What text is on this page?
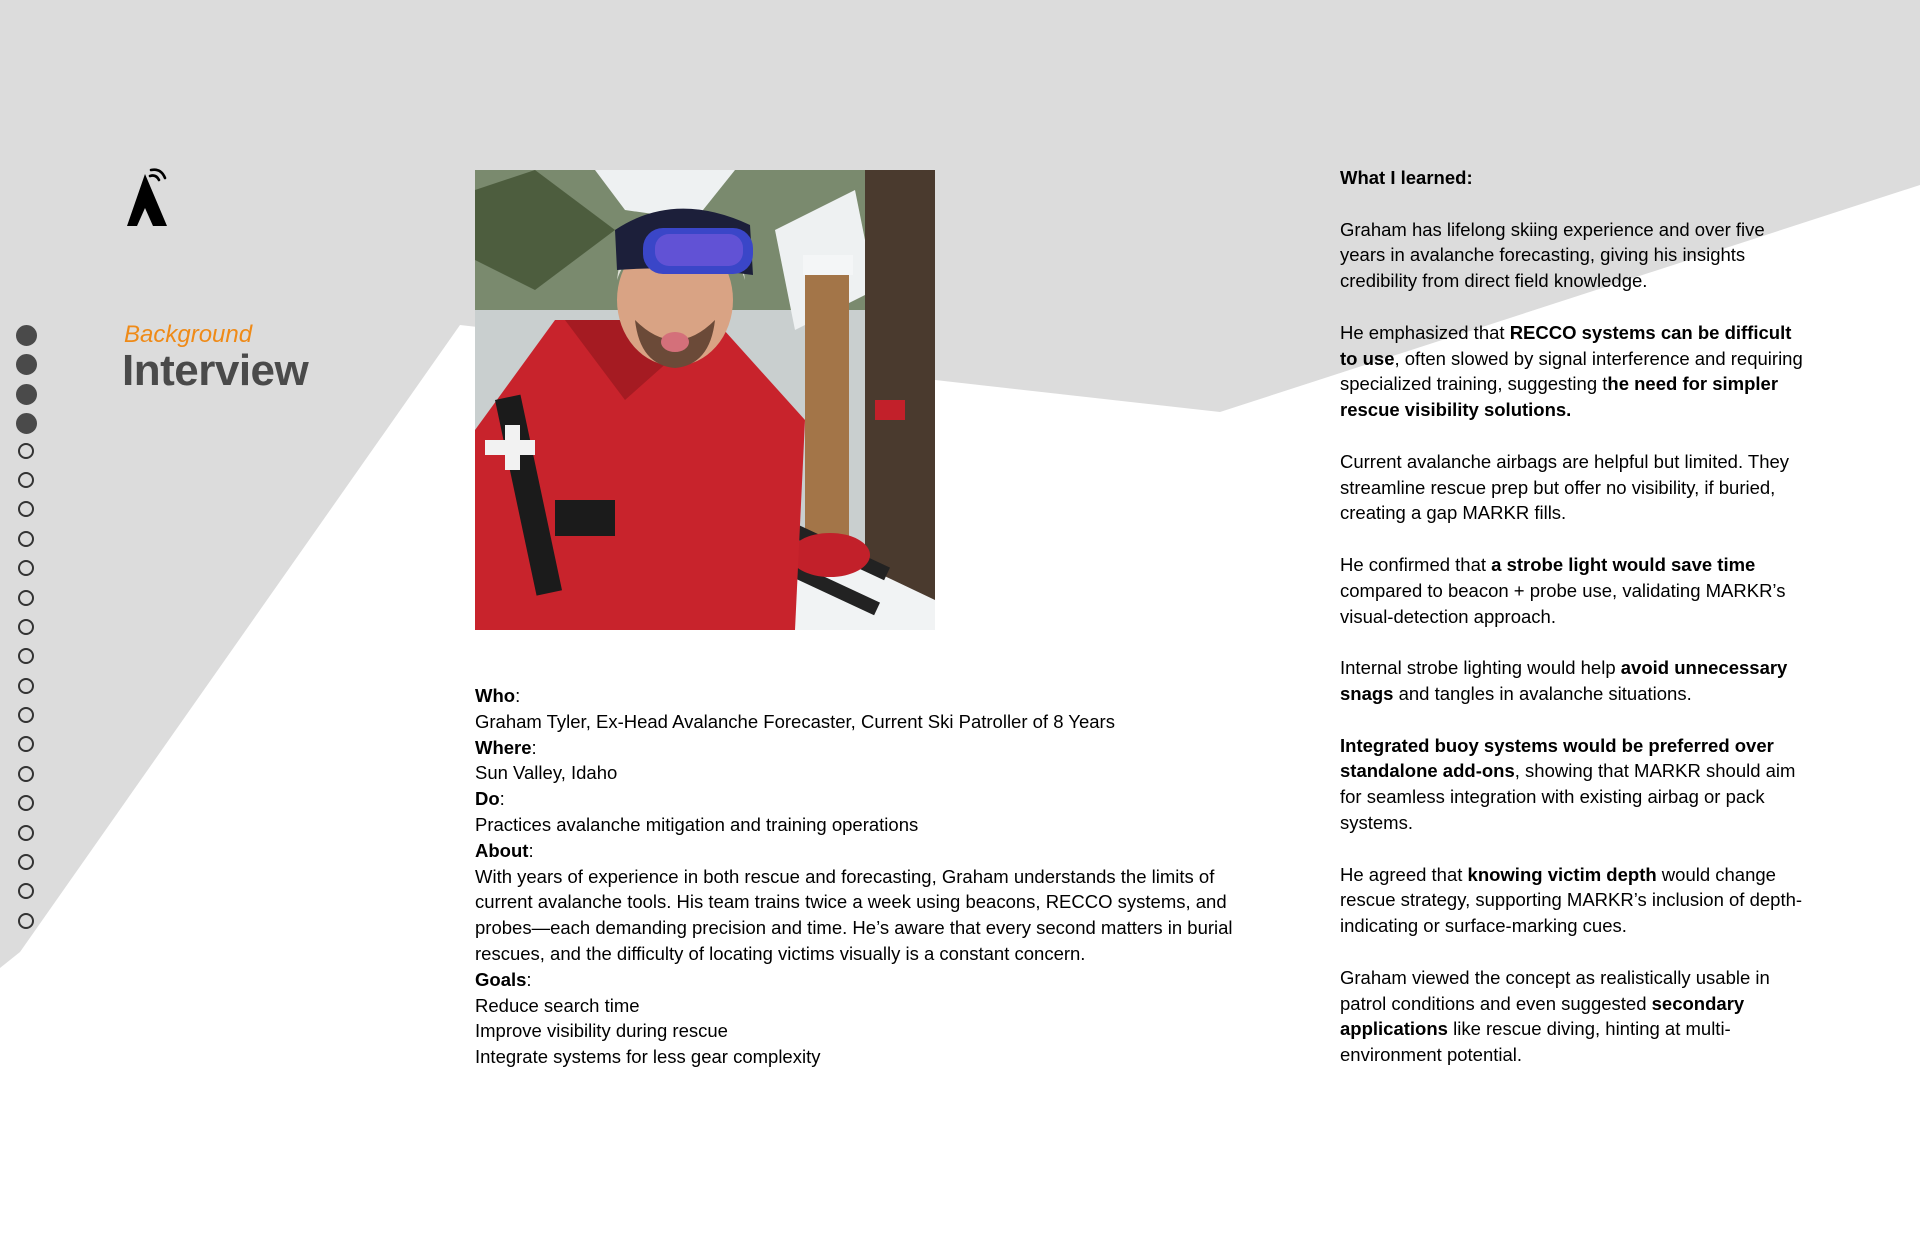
Background
Interview
Who:
Graham Tyler, Ex-Head Avalanche Forecaster, Current Ski Patroller of 8 Years
Where:
Sun Valley, Idaho
Do:
Practices avalanche mitigation and training operations
About:
With years of experience in both rescue and forecasting, Graham understands the limits of
current avalanche tools. His team trains twice a week using beacons, RECCO systems, and
probes—each demanding precision and time. He’s aware that every second matters in burial
rescues, and the difficulty of locating victims visually is a constant concern.
Goals:
Reduce search time
Improve visibility during rescue
Integrate systems for less gear complexity

What I learned:

Graham has lifelong skiing experience and over five years in avalanche forecasting, giving his insights credibility from direct field knowledge.

He emphasized that RECCO systems can be difficult to use, often slowed by signal interference and requiring specialized training, suggesting the need for simpler rescue visibility solutions.

Current avalanche airbags are helpful but limited. They streamline rescue prep but offer no visibility, if buried, creating a gap MARKR fills.

He confirmed that a strobe light would save time compared to beacon + probe use, validating MARKR’s visual-detection approach.

Internal strobe lighting would help avoid unnecessary snags and tangles in avalanche situations.

Integrated buoy systems would be preferred over standalone add-ons, showing that MARKR should aim for seamless integration with existing airbag or pack systems.

He agreed that knowing victim depth would change rescue strategy, supporting MARKR’s inclusion of depth-indicating or surface-marking cues.

Graham viewed the concept as realistically usable in patrol conditions and even suggested secondary applications like rescue diving, hinting at multi-environment potential.
